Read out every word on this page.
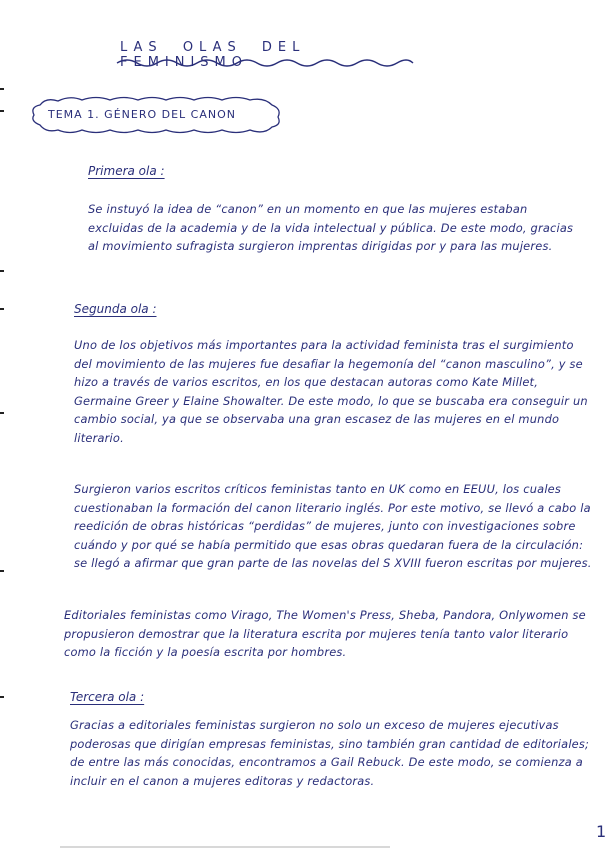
LAS OLAS DEL FEMINISMO
TEMA 1. GÉNERO DEL CANON
Primera ola :
Se instuyó la idea de “canon” en un momento en que las mujeres estaban excluidas de la academia y de la vida intelectual y pública. De este modo, gracias al movimiento sufragista surgieron imprentas dirigidas por y para las mujeres.
Segunda ola :
Uno de los objetivos más importantes para la actividad feminista tras el surgimiento del movimiento de las mujeres fue desafiar la hegemonía del “canon masculino”, y se hizo a través de varios escritos, en los que destacan autoras como Kate Millet, Germaine Greer y Elaine Showalter. De este modo, lo que se buscaba era conseguir un cambio social, ya que se observaba una gran escasez de las mujeres en el mundo literario.
Surgieron varios escritos críticos feministas tanto en UK como en EEUU, los cuales cuestionaban la formación del canon literario inglés. Por este motivo, se llevó a cabo la reedición de obras históricas “perdidas” de mujeres, junto con investigaciones sobre cuándo y por qué se había permitido que esas obras quedaran fuera de la circulación: se llegó a afirmar que gran parte de las novelas del S XVIII fueron escritas por mujeres.
Editoriales feministas como Virago, The Women's Press, Sheba, Pandora, Onlywomen se propusieron demostrar que la literatura escrita por mujeres tenía tanto valor literario como la ficción y la poesía escrita por hombres.
Tercera ola :
Gracias a editoriales feministas surgieron no solo un exceso de mujeres ejecutivas poderosas que dirigían empresas feministas, sino también gran cantidad de editoriales; de entre las más conocidas, encontramos a Gail Rebuck. De este modo, se comienza a incluir en el canon a mujeres editoras y redactoras.
1
